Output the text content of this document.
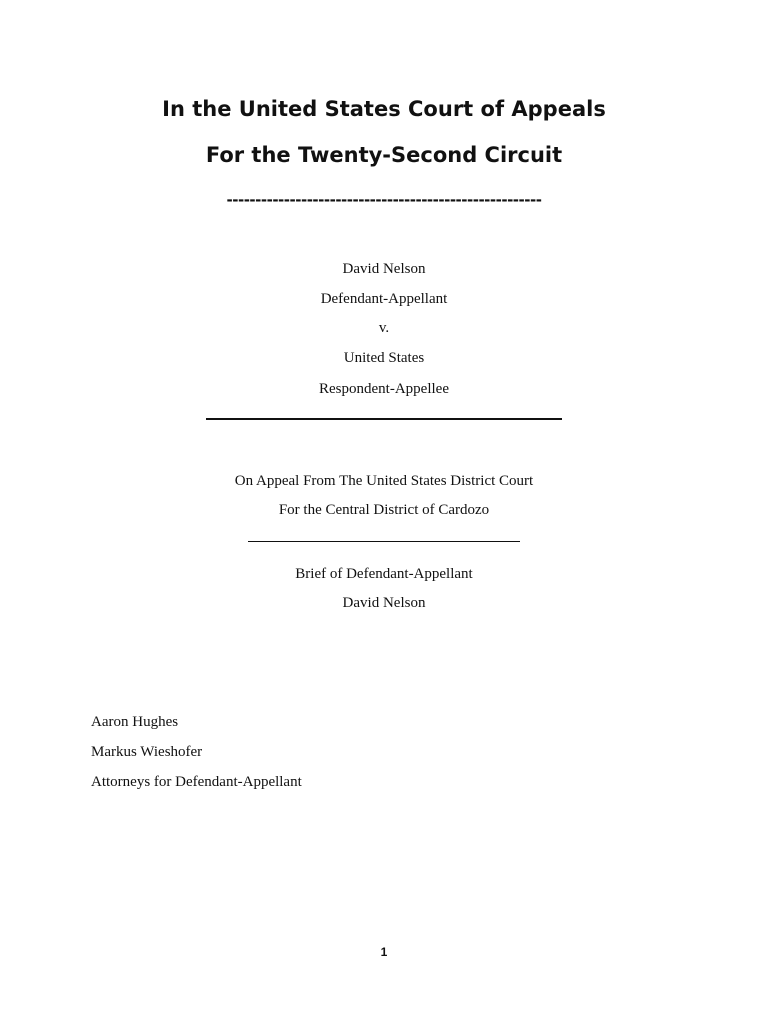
In the United States Court of Appeals
For the Twenty-Second Circuit
-------------------------------------------------------
David Nelson
Defendant-Appellant
v.
United States
Respondent-Appellee
On Appeal From The United States District Court
For the Central District of Cardozo
Brief of Defendant-Appellant
David Nelson
Aaron Hughes
Markus Wieshofer
Attorneys for Defendant-Appellant
1
